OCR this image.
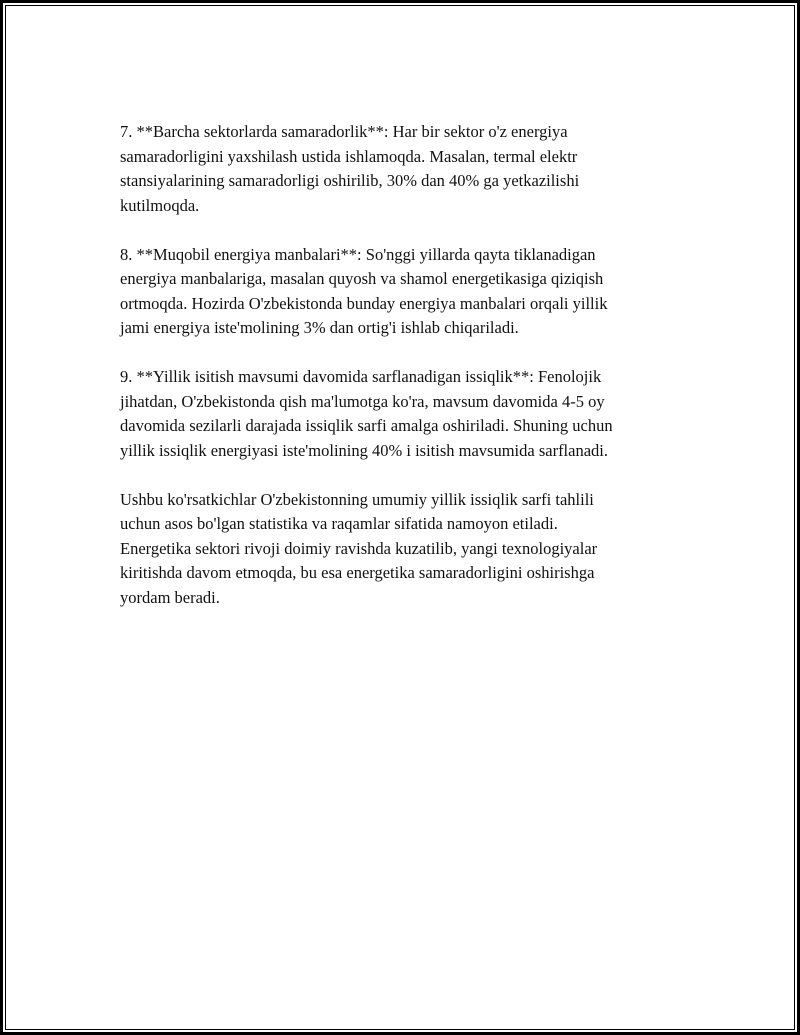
7. **Barcha sektorlarda samaradorlik**: Har bir sektor o'z energiya
samaradorligini yaxshilash ustida ishlamoqda. Masalan, termal elektr
stansiyalarining samaradorligi oshirilib, 30% dan 40% ga yetkazilishi
kutilmoqda.

8. **Muqobil energiya manbalari**: So'nggi yillarda qayta tiklanadigan
energiya manbalariga, masalan quyosh va shamol energetikasiga qiziqish
ortmoqda. Hozirda O'zbekistonda bunday energiya manbalari orqali yillik
jami energiya iste'molining 3% dan ortig'i ishlab chiqariladi.

9. **Yillik isitish mavsumi davomida sarflanadigan issiqlik**: Fenolojik
jihatdan, O'zbekistonda qish ma'lumotga ko'ra, mavsum davomida 4-5 oy
davomida sezilarli darajada issiqlik sarfi amalga oshiriladi. Shuning uchun
yillik issiqlik energiyasi iste'molining 40% i isitish mavsumida sarflanadi.

Ushbu ko'rsatkichlar O'zbekistonning umumiy yillik issiqlik sarfi tahlili
uchun asos bo'lgan statistika va raqamlar sifatida namoyon etiladi.
Energetika sektori rivoji doimiy ravishda kuzatilib, yangi texnologiyalar
kiritishda davom etmoqda, bu esa energetika samaradorligini oshirishga
yordam beradi.
